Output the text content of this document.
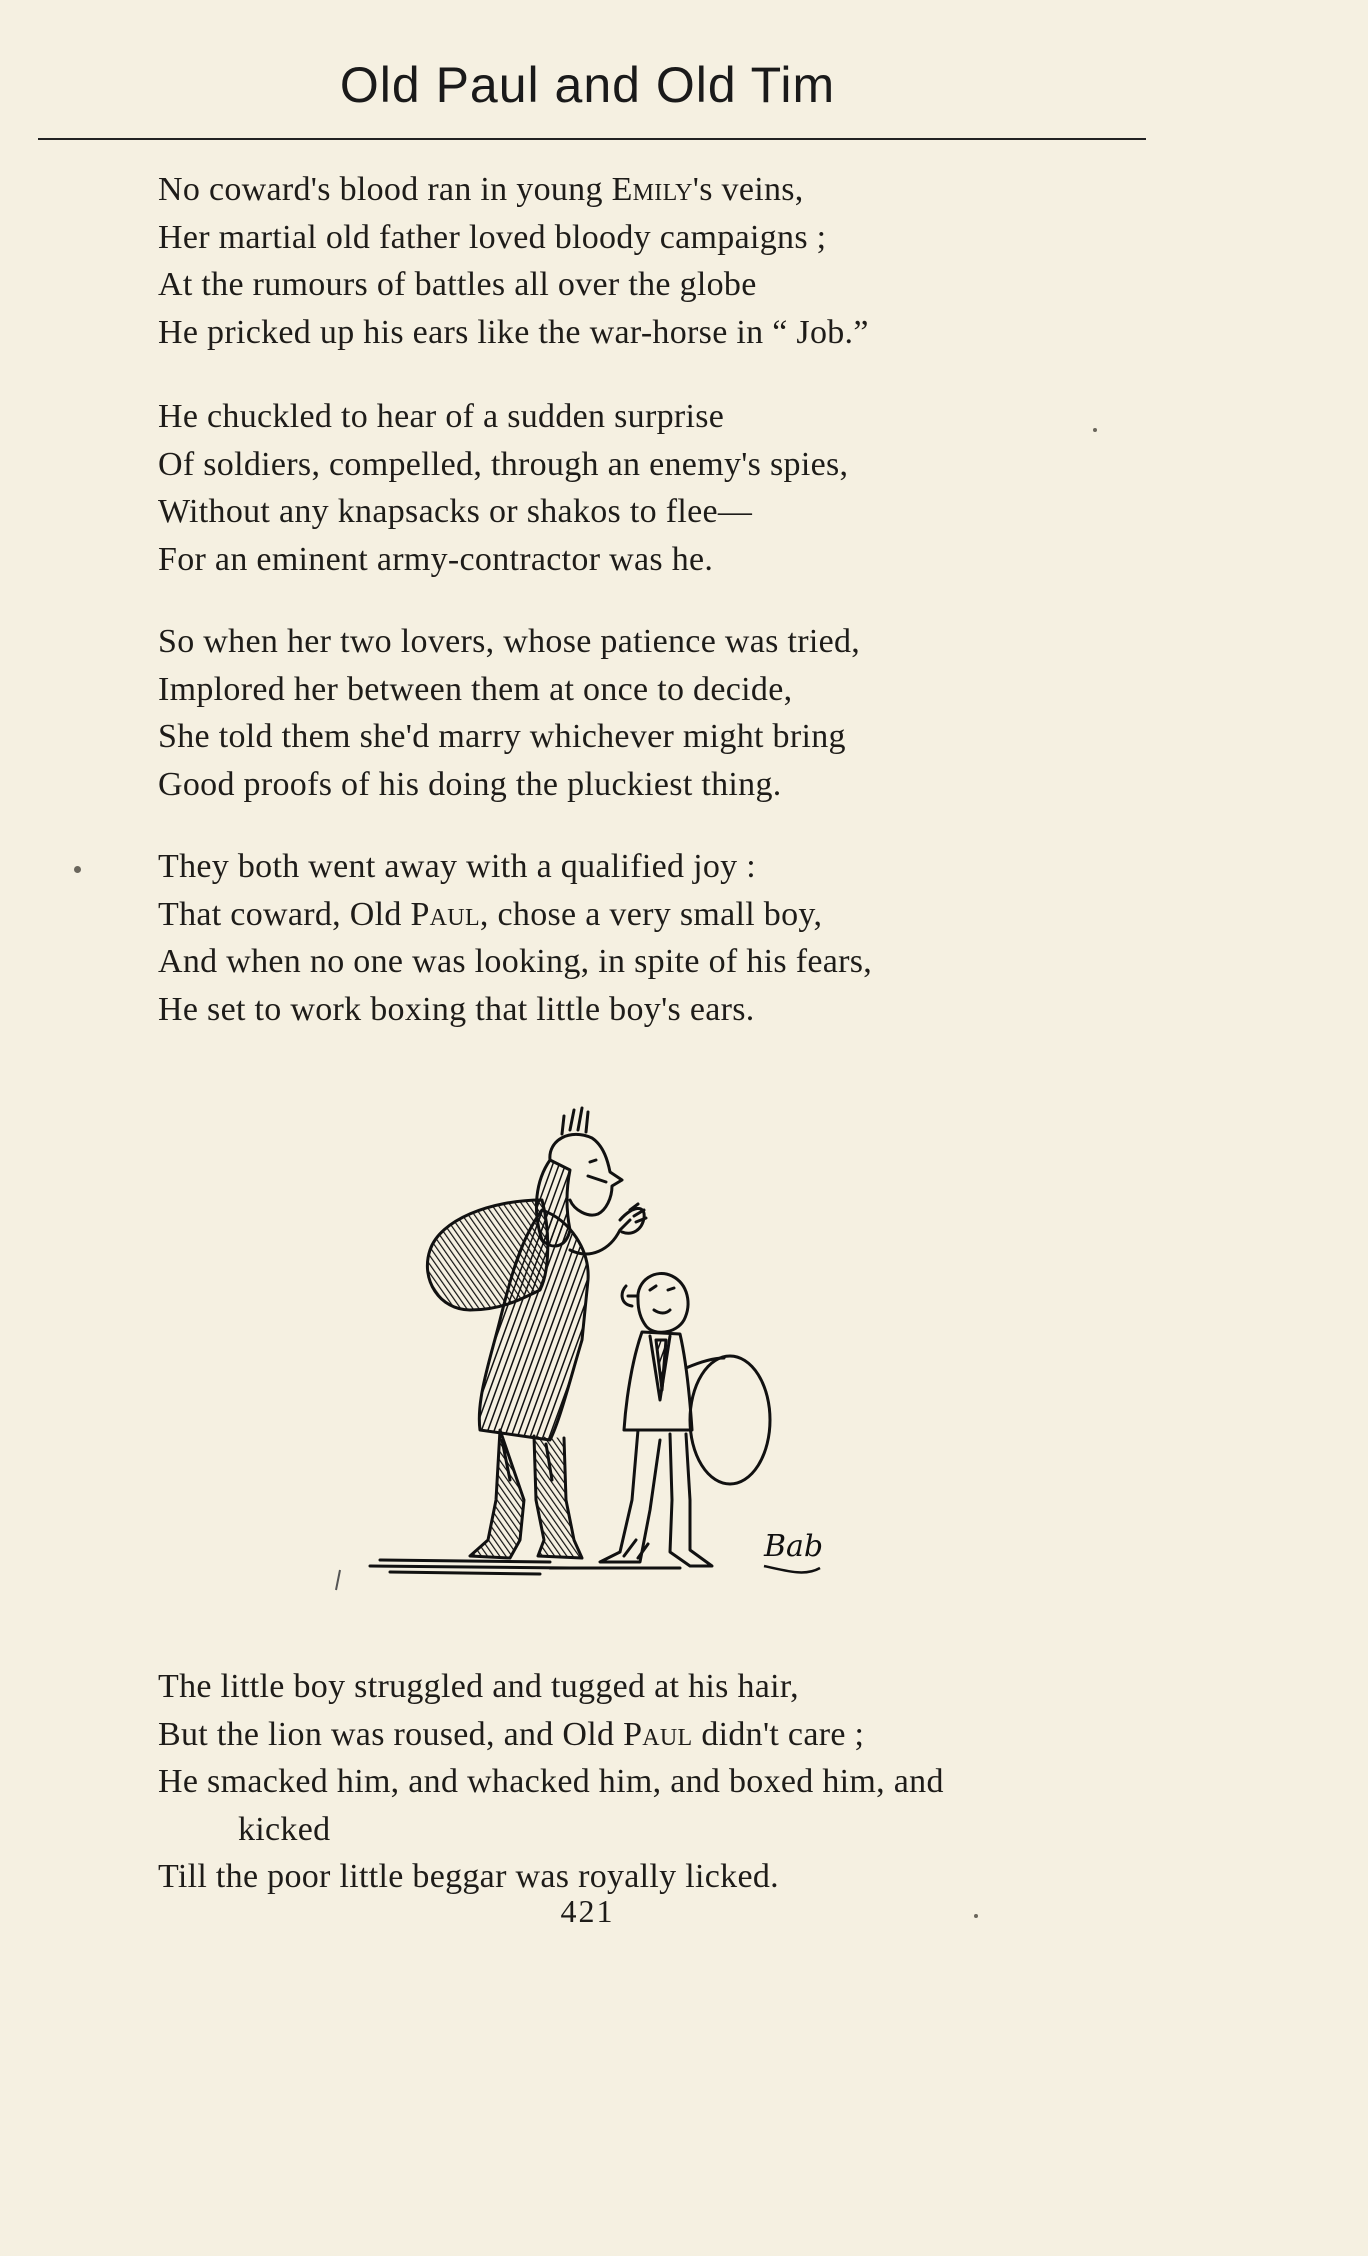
Old Paul and Old Tim
No coward's blood ran in young Emily's veins,
Her martial old father loved bloody campaigns ;
At the rumours of battles all over the globe
He pricked up his ears like the war-horse in “ Job.”
He chuckled to hear of a sudden surprise
Of soldiers, compelled, through an enemy's spies,
Without any knapsacks or shakos to flee—
For an eminent army-contractor was he.
So when her two lovers, whose patience was tried,
Implored her between them at once to decide,
She told them she'd marry whichever might bring
Good proofs of his doing the pluckiest thing.
They both went away with a qualified joy :
That coward, Old Paul, chose a very small boy,
And when no one was looking, in spite of his fears,
He set to work boxing that little boy's ears.
Bab
The little boy struggled and tugged at his hair,
But the lion was roused, and Old Paul didn't care ;
He smacked him, and whacked him, and boxed him, and
kicked
Till the poor little beggar was royally licked.
421
